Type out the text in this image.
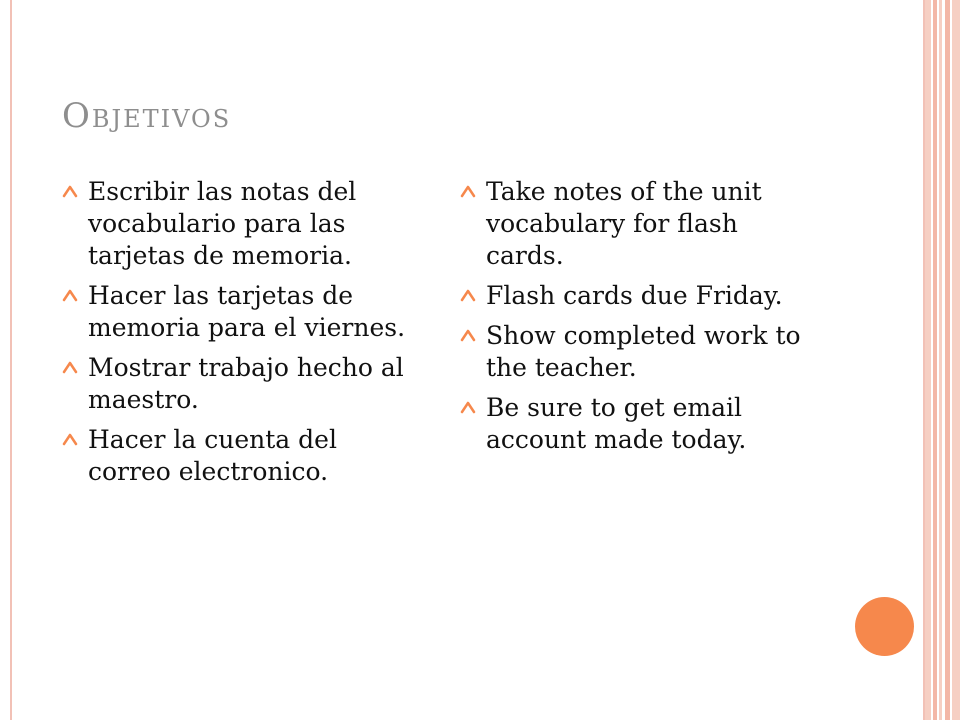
Objetivos
Escribir las notas del vocabulario para las tarjetas de memoria.
Hacer las tarjetas de memoria para el viernes.
Mostrar trabajo hecho al maestro.
Hacer la cuenta del correo electronico.
Take notes of the unit vocabulary for flash cards.
Flash cards due Friday.
Show completed work to the teacher.
Be sure to get email account made today.
